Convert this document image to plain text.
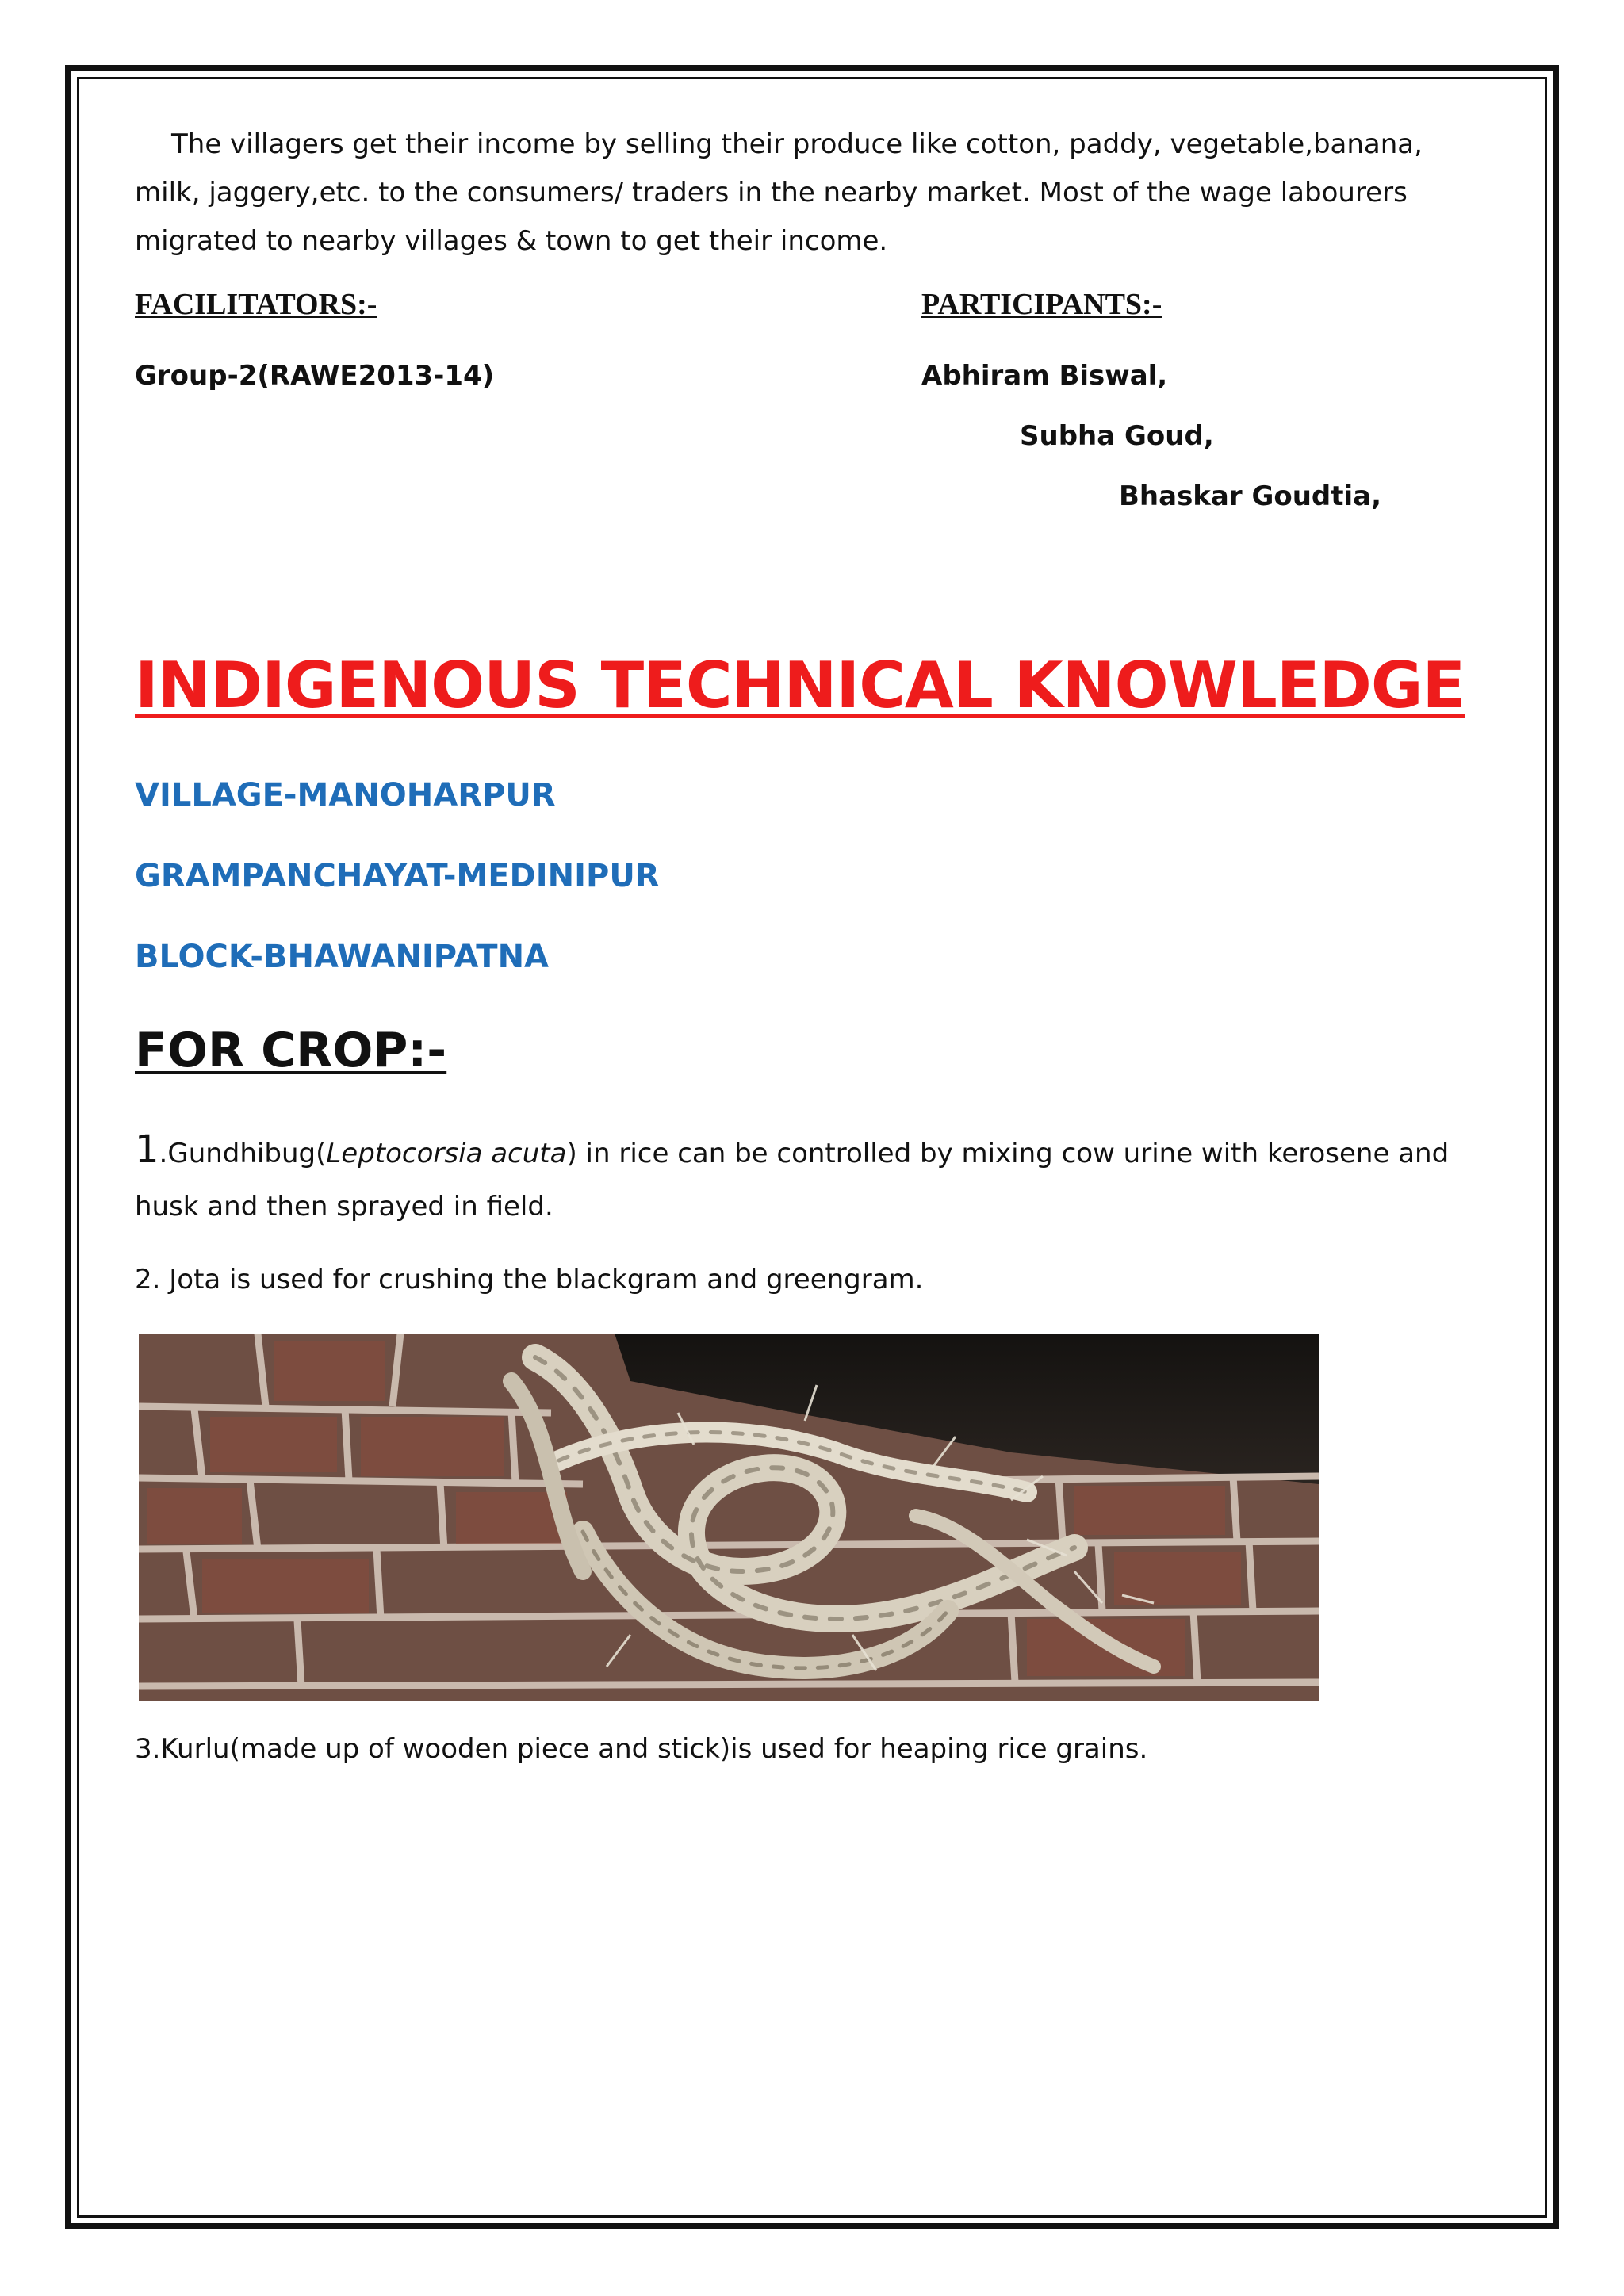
The villagers get their income by selling their produce like cotton, paddy, vegetable,banana, milk, jaggery,etc. to the consumers/ traders in the nearby market. Most of the wage labourers migrated to nearby villages & town to get their income.
FACILITATORS:-	PARTICIPANTS:-
Group-2(RAWE2013-14)	Abhiram Biswal,
Subha Goud,
Bhaskar Goudtia,
INDIGENOUS TECHNICAL KNOWLEDGE
VILLAGE-MANOHARPUR
GRAMPANCHAYAT-MEDINIPUR
BLOCK-BHAWANIPATNA
FOR CROP:-
1.Gundhibug(Leptocorsia acuta) in rice can be controlled by mixing cow urine with kerosene and
husk and then sprayed in field.
2. Jota is used for crushing the blackgram and greengram.
3.Kurlu(made up of wooden piece and stick)is used for heaping rice grains.
